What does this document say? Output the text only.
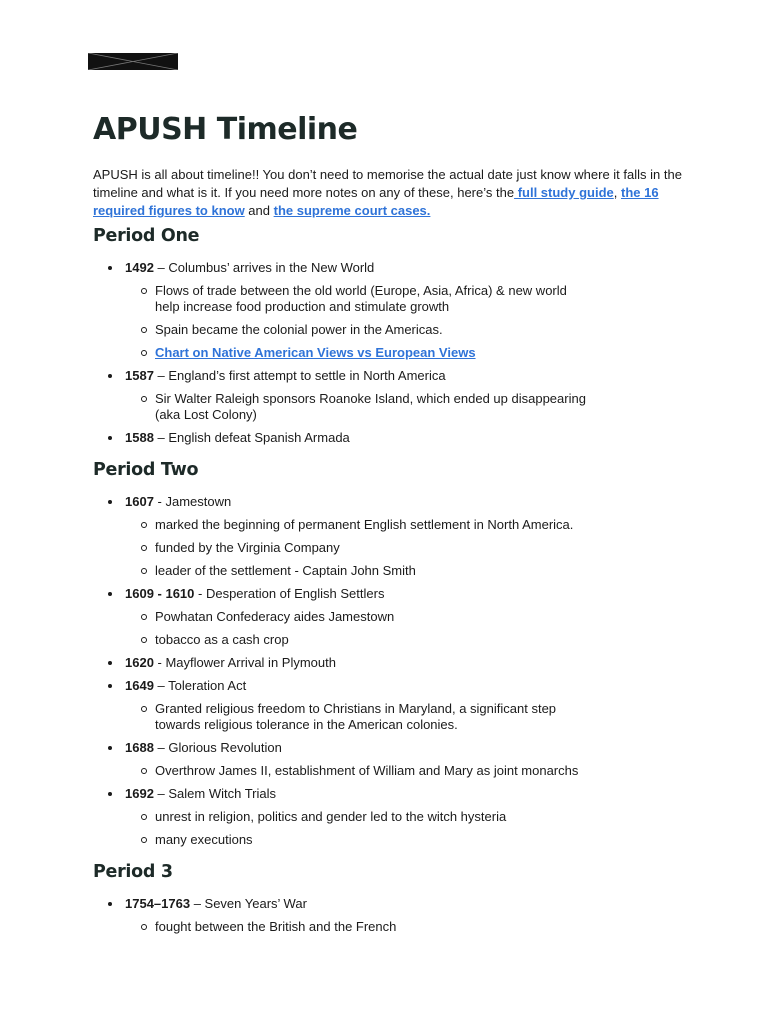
APUSH Timeline

APUSH is all about timeline!! You don’t need to memorise the actual date just know where it falls in the timeline and what is it. If you need more notes on any of these, here’s the full study guide, the 16 required figures to know and the supreme court cases.

Period One
1492 – Columbus’ arrives in the New World
Flows of trade between the old world (Europe, Asia, Africa) & new world help increase food production and stimulate growth
Spain became the colonial power in the Americas.
Chart on Native American Views vs European Views
1587 – England’s first attempt to settle in North America
Sir Walter Raleigh sponsors Roanoke Island, which ended up disappearing (aka Lost Colony)
1588 – English defeat Spanish Armada
Period Two
1607 - Jamestown
marked the beginning of permanent English settlement in North America.
funded by the Virginia Company
leader of the settlement - Captain John Smith
1609 - 1610 - Desperation of English Settlers
Powhatan Confederacy aides Jamestown
tobacco as a cash crop
1620 - Mayflower Arrival in Plymouth
1649 – Toleration Act
Granted religious freedom to Christians in Maryland, a significant step towards religious tolerance in the American colonies.
1688 – Glorious Revolution
Overthrow James II, establishment of William and Mary as joint monarchs
1692 – Salem Witch Trials
unrest in religion, politics and gender led to the witch hysteria
many executions
Period 3
1754–1763 – Seven Years’ War
fought between the British and the French
